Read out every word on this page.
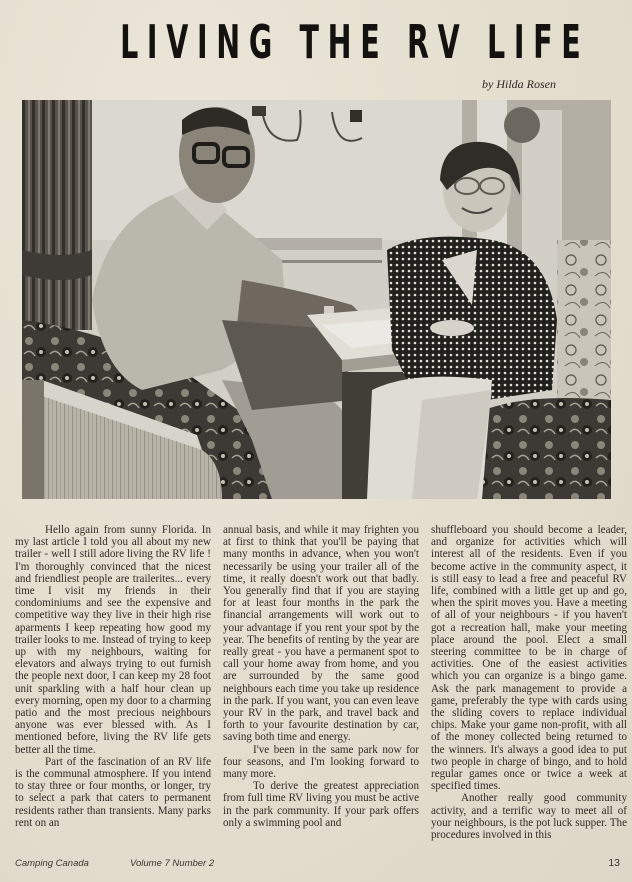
LIVING THE RV LIFE
by Hilda Rosen

Hello again from sunny Florida. In my last article I told you all about my new trailer - well I still adore living the RV life ! I'm thoroughly convinced that the nicest and friendliest people are trailerites... every time I visit my friends in their condominiums and see the expensive and competitive way they live in their high rise aparments I keep repeating how good my trailer looks to me. Instead of trying to keep up with my neighbours, waiting for elevators and always trying to out furnish the people next door, I can keep my 28 foot unit sparkling with a half hour clean up every morning, open my door to a charming patio and the most precious neighbours anyone was ever blessed with. As I mentioned before, living the RV life gets better all the time.

Part of the fascination of an RV life is the communal atmosphere. If you intend to stay three or four months, or longer, try to select a park that caters to permanent residents rather than transients. Many parks rent on an

annual basis, and while it may frighten you at first to think that you'll be paying that many months in advance, when you won't necessarily be using your trailer all of the time, it really doesn't work out that badly. You generally find that if you are staying for at least four months in the park the financial arrangements will work out to your advantage if you rent your spot by the year. The benefits of renting by the year are really great - you have a permanent spot to call your home away from home, and you are surrounded by the same good neighbours each time you take up residence in the park. If you want, you can even leave your RV in the park, and travel back and forth to your favourite destination by car, saving both time and energy.

I've been in the same park now for four seasons, and I'm looking forward to many more.

To derive the greatest appreciation from full time RV living you must be active in the park community. If your park offers only a swimming pool and

shuffleboard you should become a leader, and organize for activities which will interest all of the residents. Even if you become active in the community aspect, it is still easy to lead a free and peaceful RV life, combined with a little get up and go, when the spirit moves you. Have a meeting of all of your neighbours - if you haven't got a recreation hall, make your meeting place around the pool. Elect a small steering committee to be in charge of activities. One of the easiest activities which you can organize is a bingo game. Ask the park management to provide a game, preferably the type with cards using the sliding covers to replace individual chips. Make your game non-profit, with all of the money collected being returned to the winners. It's always a good idea to put two people in charge of bingo, and to hold regular games once or twice a week at specified times.

Another really good community activity, and a terrific way to meet all of your neighbours, is the pot luck supper. The procedures involved in this

Camping Canada	Volume 7 Number 2	13
